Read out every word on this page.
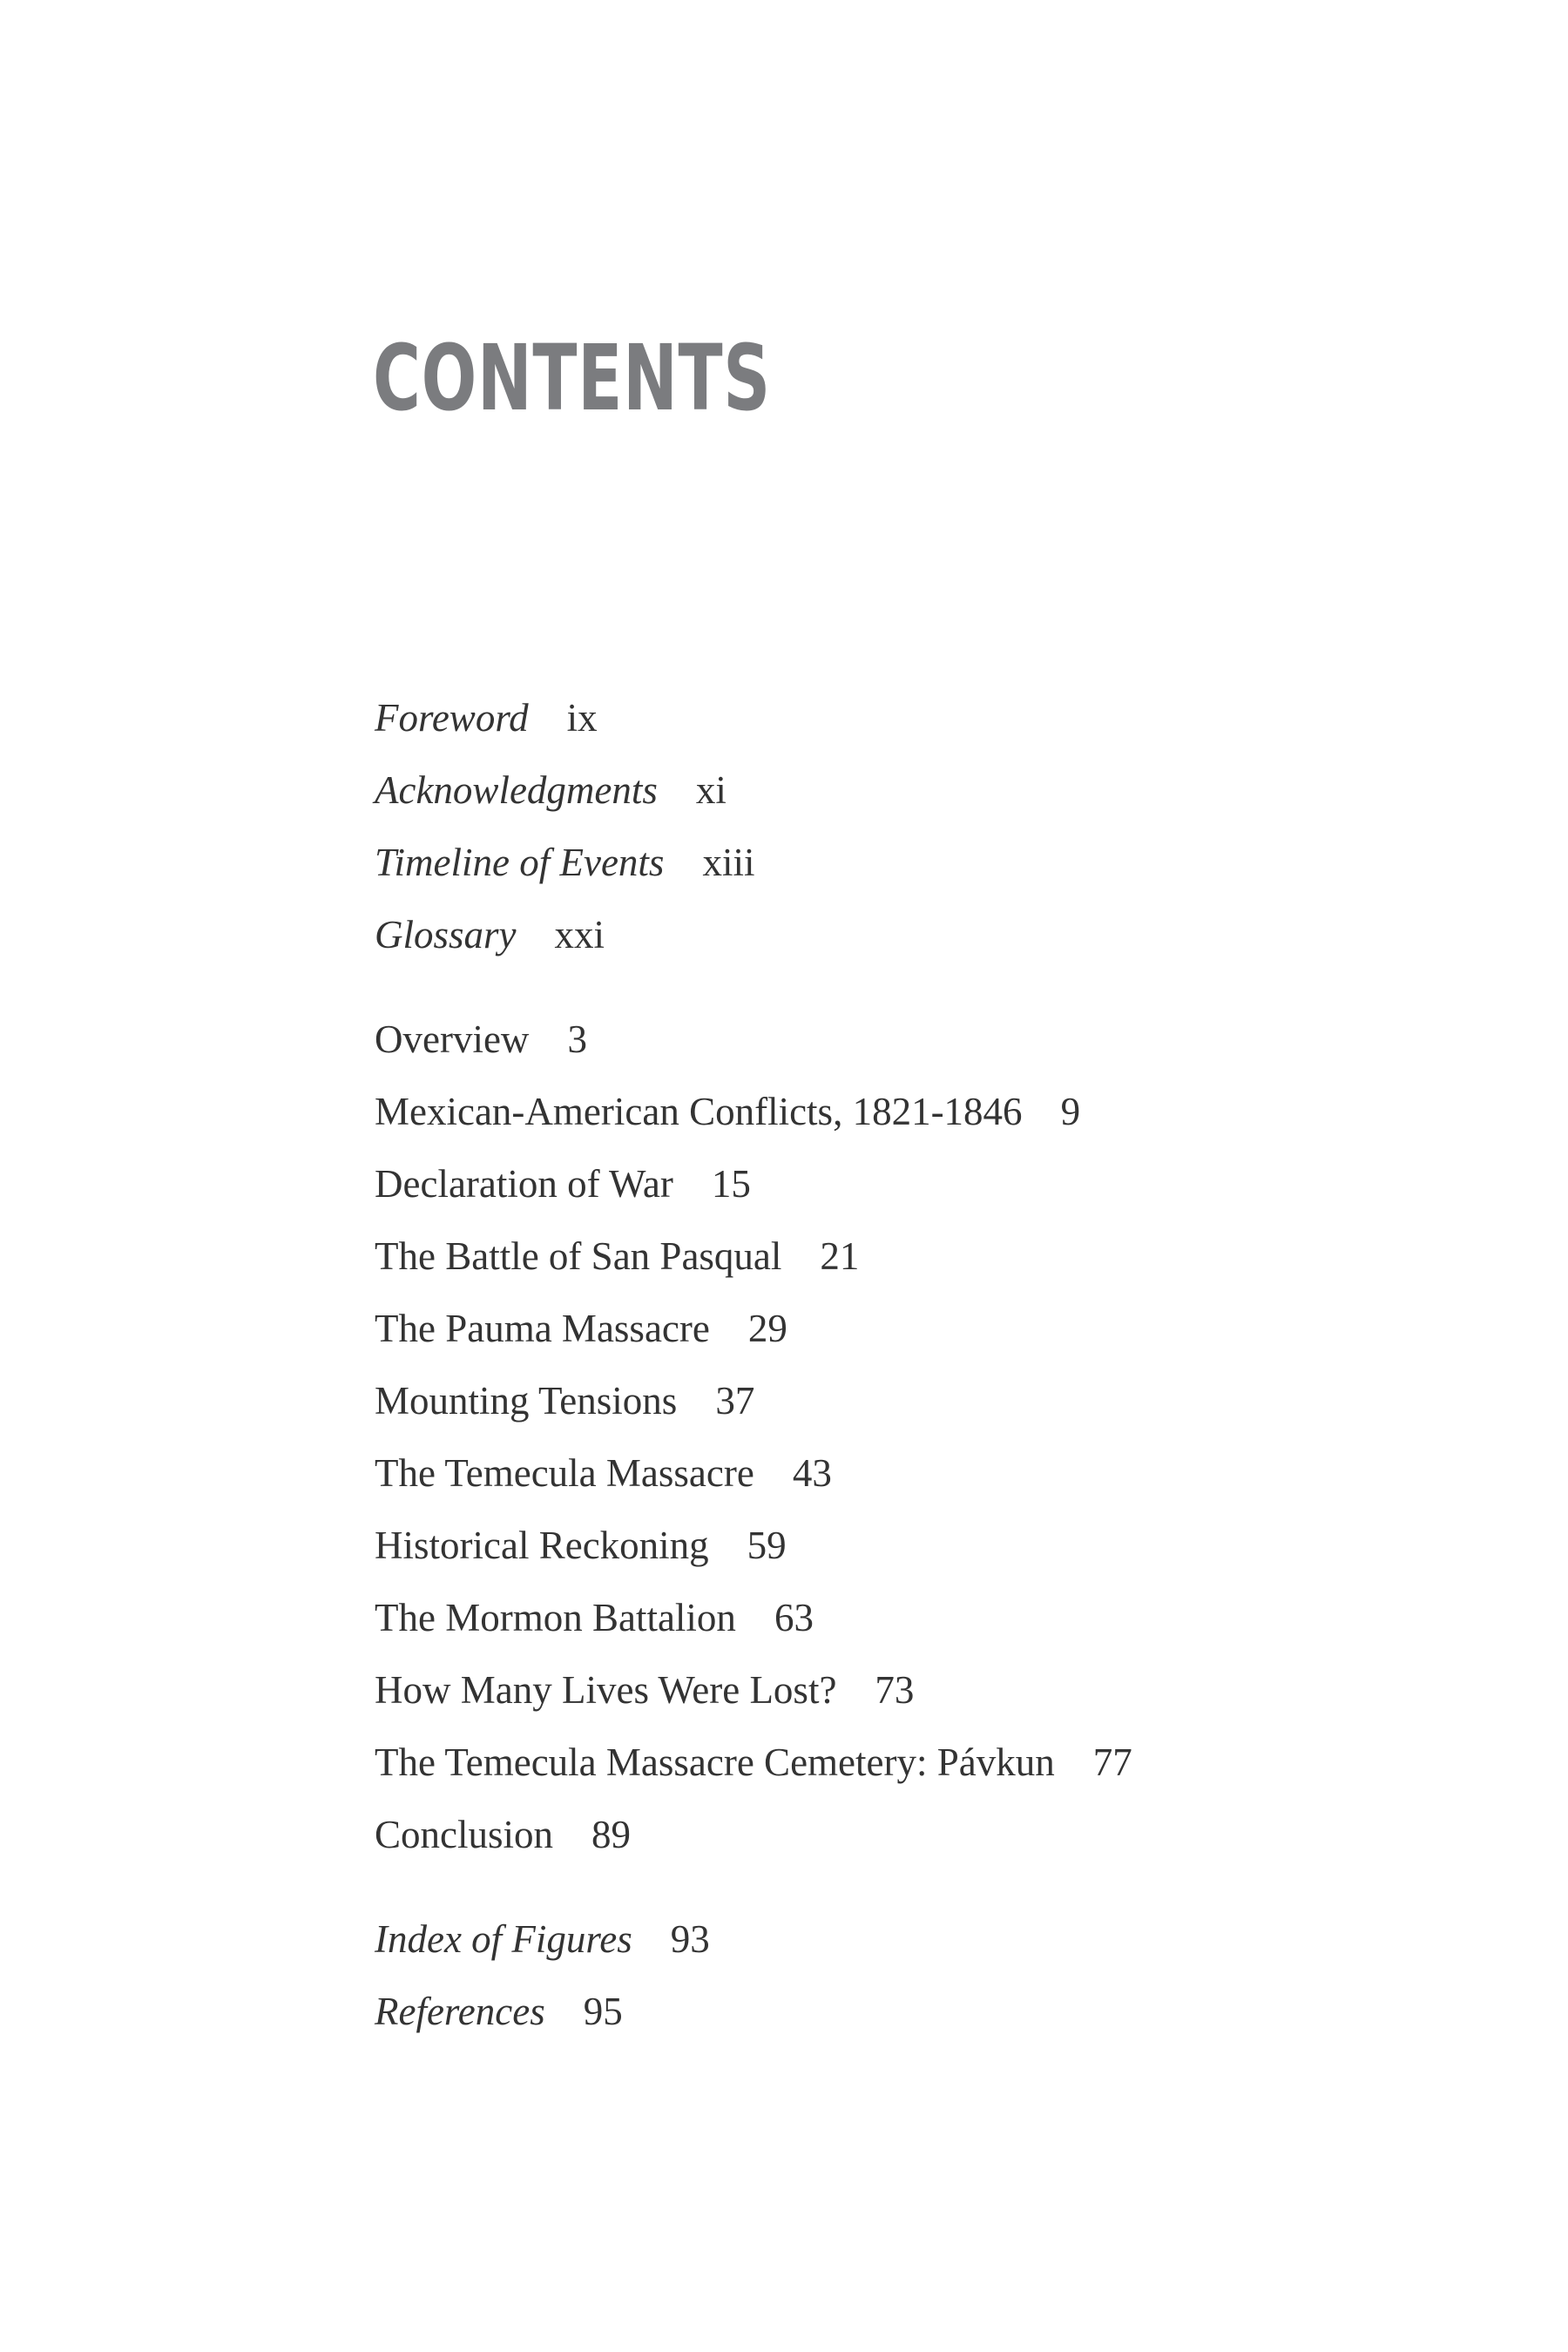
CONTENTS
Foreword ix
Acknowledgments xi
Timeline of Events xiii
Glossary xxi
Overview 3
Mexican-American Conflicts, 1821-1846 9
Declaration of War 15
The Battle of San Pasqual 21
The Pauma Massacre 29
Mounting Tensions 37
The Temecula Massacre 43
Historical Reckoning 59
The Mormon Battalion 63
How Many Lives Were Lost? 73
The Temecula Massacre Cemetery: Pávkun 77
Conclusion 89
Index of Figures 93
References 95
